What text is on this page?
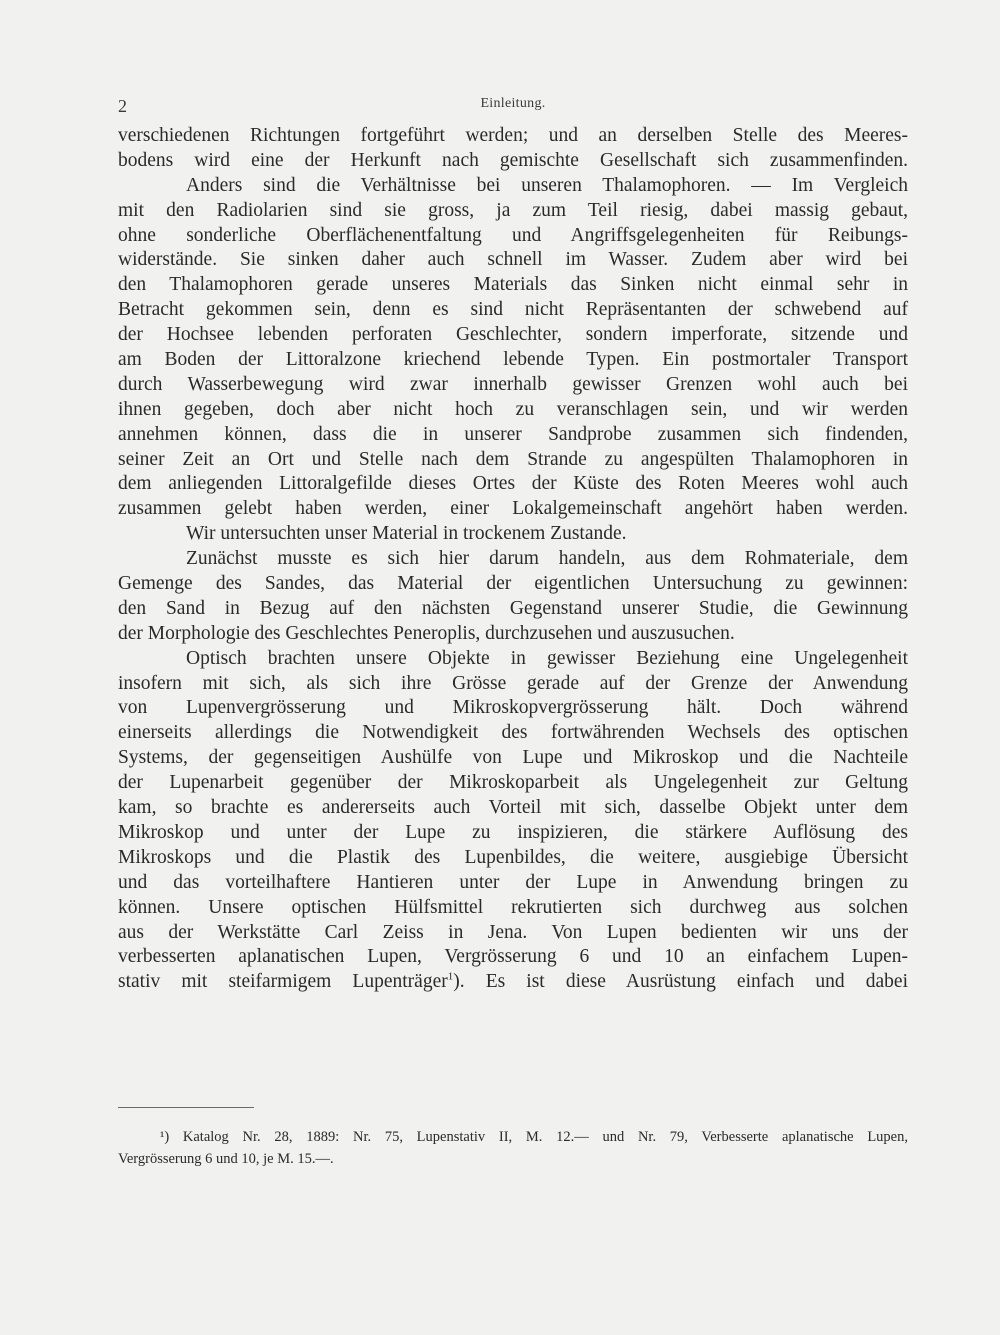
2	Einleitung.
verschiedenen Richtungen fortgeführt werden; und an derselben Stelle des Meeres-
bodens wird eine der Herkunft nach gemischte Gesellschaft sich zusammenfinden.
Anders sind die Verhältnisse bei unseren Thalamophoren. — Im Vergleich
mit den Radiolarien sind sie gross, ja zum Teil riesig, dabei massig gebaut,
ohne sonderliche Oberflächenentfaltung und Angriffsgelegenheiten für Reibungs-
widerstände. Sie sinken daher auch schnell im Wasser. Zudem aber wird bei
den Thalamophoren gerade unseres Materials das Sinken nicht einmal sehr in
Betracht gekommen sein, denn es sind nicht Repräsentanten der schwebend auf
der Hochsee lebenden perforaten Geschlechter, sondern imperforate, sitzende und
am Boden der Littoralzone kriechend lebende Typen. Ein postmortaler Transport
durch Wasserbewegung wird zwar innerhalb gewisser Grenzen wohl auch bei
ihnen gegeben, doch aber nicht hoch zu veranschlagen sein, und wir werden
annehmen können, dass die in unserer Sandprobe zusammen sich findenden,
seiner Zeit an Ort und Stelle nach dem Strande zu angespülten Thalamophoren in
dem anliegenden Littoralgefilde dieses Ortes der Küste des Roten Meeres wohl auch
zusammen gelebt haben werden, einer Lokalgemeinschaft angehört haben werden.
Wir untersuchten unser Material in trockenem Zustande.
Zunächst musste es sich hier darum handeln, aus dem Rohmateriale, dem
Gemenge des Sandes, das Material der eigentlichen Untersuchung zu gewinnen:
den Sand in Bezug auf den nächsten Gegenstand unserer Studie, die Gewinnung
der Morphologie des Geschlechtes Peneroplis, durchzusehen und auszusuchen.
Optisch brachten unsere Objekte in gewisser Beziehung eine Ungelegenheit
insofern mit sich, als sich ihre Grösse gerade auf der Grenze der Anwendung
von Lupenvergrösserung und Mikroskopvergrösserung hält. Doch während
einerseits allerdings die Notwendigkeit des fortwährenden Wechsels des optischen
Systems, der gegenseitigen Aushülfe von Lupe und Mikroskop und die Nachteile
der Lupenarbeit gegenüber der Mikroskoparbeit als Ungelegenheit zur Geltung
kam, so brachte es andererseits auch Vorteil mit sich, dasselbe Objekt unter dem
Mikroskop und unter der Lupe zu inspizieren, die stärkere Auflösung des
Mikroskops und die Plastik des Lupenbildes, die weitere, ausgiebige Übersicht
und das vorteilhaftere Hantieren unter der Lupe in Anwendung bringen zu
können. Unsere optischen Hülfsmittel rekrutierten sich durchweg aus solchen
aus der Werkstätte Carl Zeiss in Jena. Von Lupen bedienten wir uns der
verbesserten aplanatischen Lupen, Vergrösserung 6 und 10 an einfachem Lupen-
stativ mit steifarmigem Lupenträger$^1$). Es ist diese Ausrüstung einfach und dabei
¹) Katalog Nr. 28, 1889: Nr. 75, Lupenstativ II, M. 12.— und Nr. 79, Verbesserte aplanatische Lupen,
Vergrösserung 6 und 10, je M. 15.—.
